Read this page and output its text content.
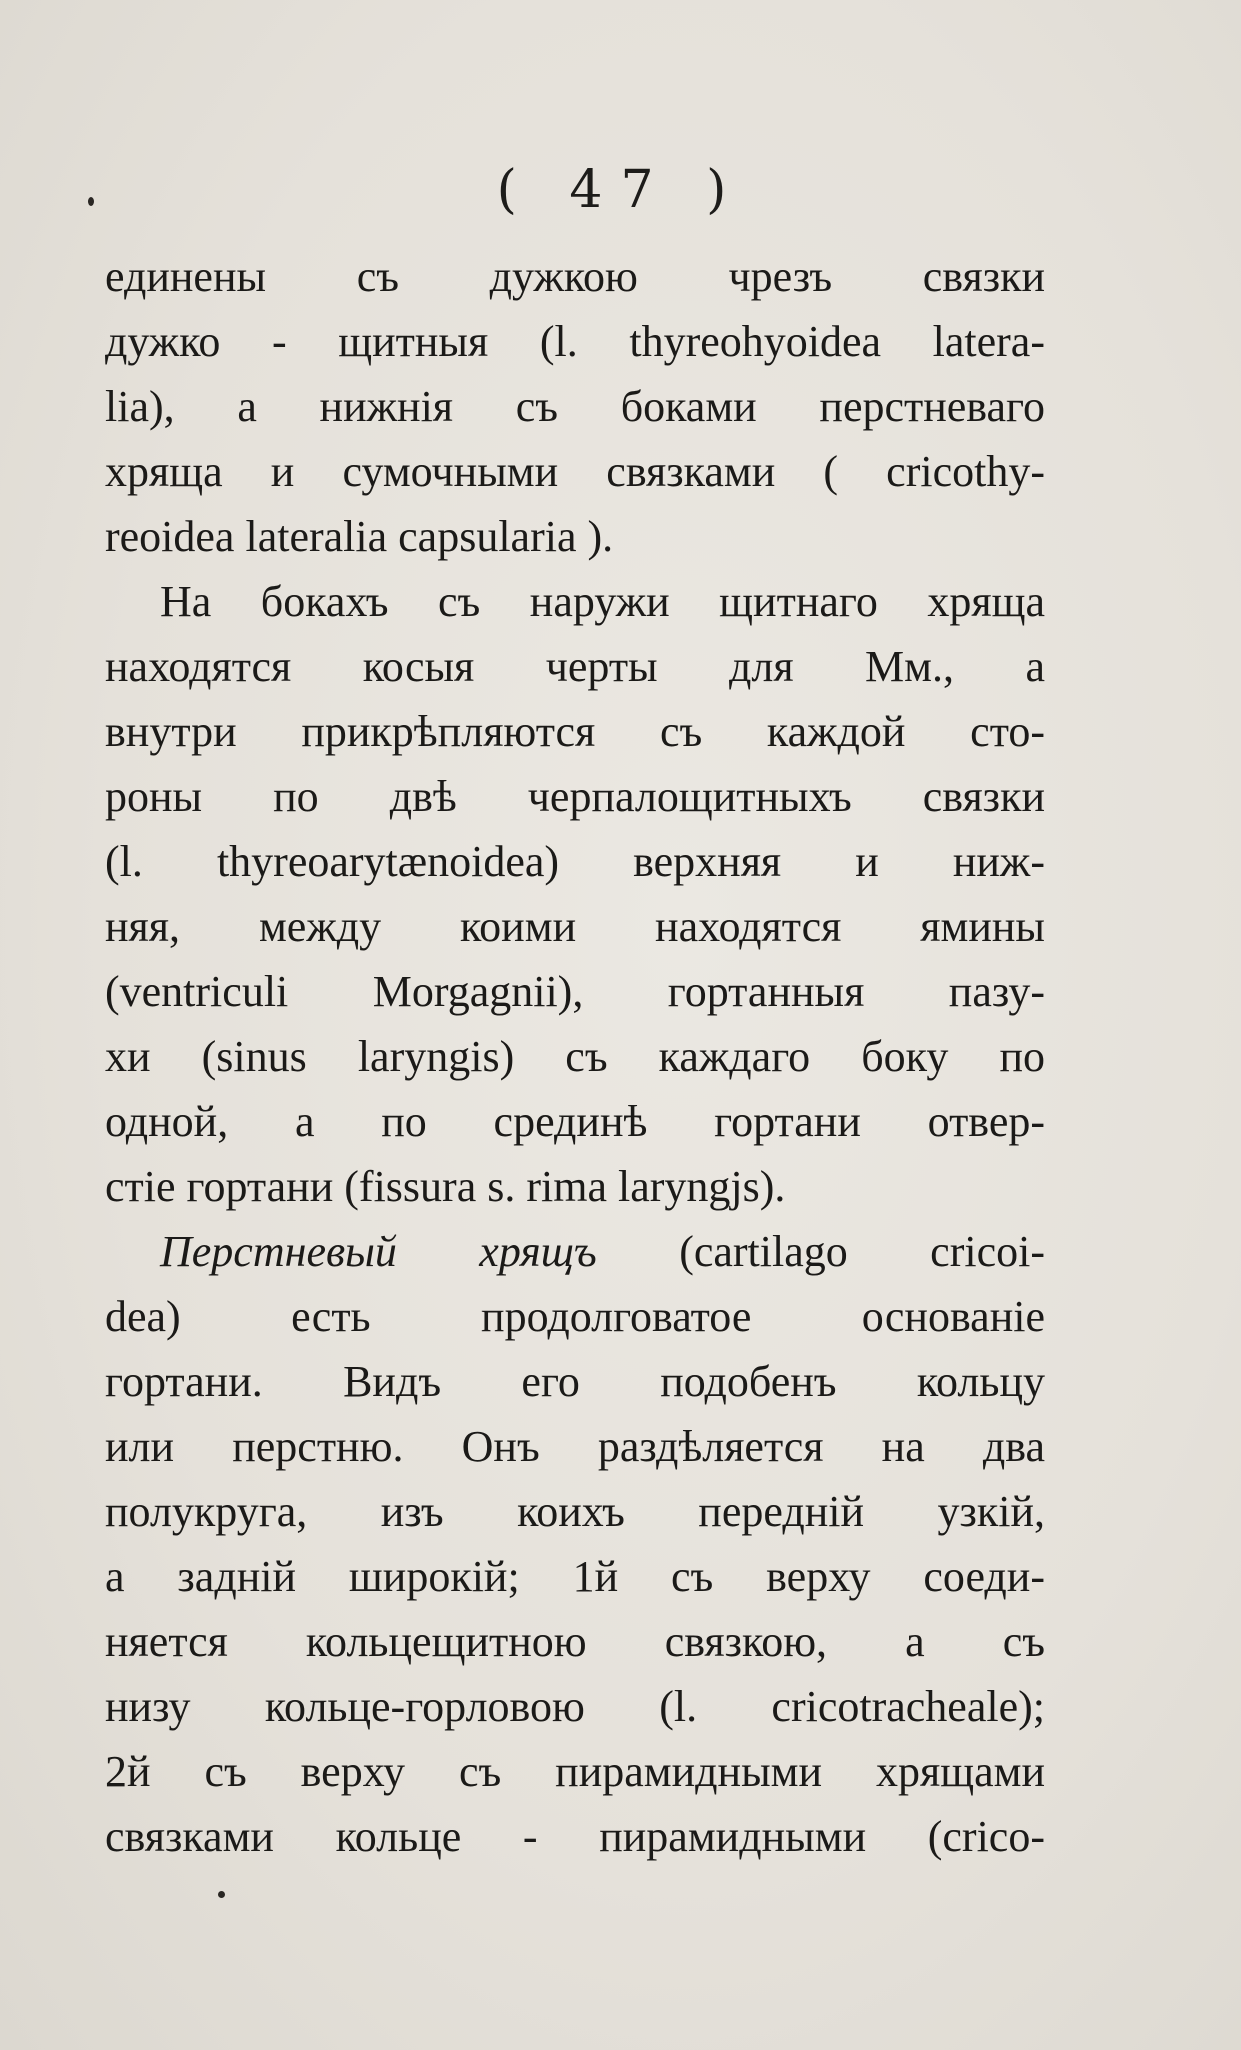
( 47 )
единены съ дужкою чрезъ связки
дужко - щитныя (l. thyreohyoidea latera-
lia), а нижнія съ боками перстневаго
хряща и сумочными связками ( cricothy-
reoidea lateralia capsularia ).
На бокахъ съ наружи щитнаго хряща
находятся косыя черты для Мм., а
внутри прикрѣпляются съ каждой сто-
роны по двѣ черпалощитныхъ связки
(l. thyreoarytænoidea) верхняя и ниж-
няя, между коими находятся ямины
(ventriculi Morgagnii), гортанныя пазу-
хи (sinus laryngis) съ каждаго боку по
одной, а по срединѣ гортани отвер-
стіе гортани (fissura s. rima laryngjs).
Перстневый хрящъ (cartilago cricoi-
dea) есть продолговатое основаніе
гортани. Видъ его подобенъ кольцу
или перстню. Онъ раздѣляется на два
полукруга, изъ коихъ передній узкій,
а задній широкій; 1й съ верху соеди-
няется кольцещитною связкою, а съ
низу кольце-горловою (l. cricotracheale);
2й съ верху съ пирамидными хрящами
связками кольце - пирамидными (crico-
